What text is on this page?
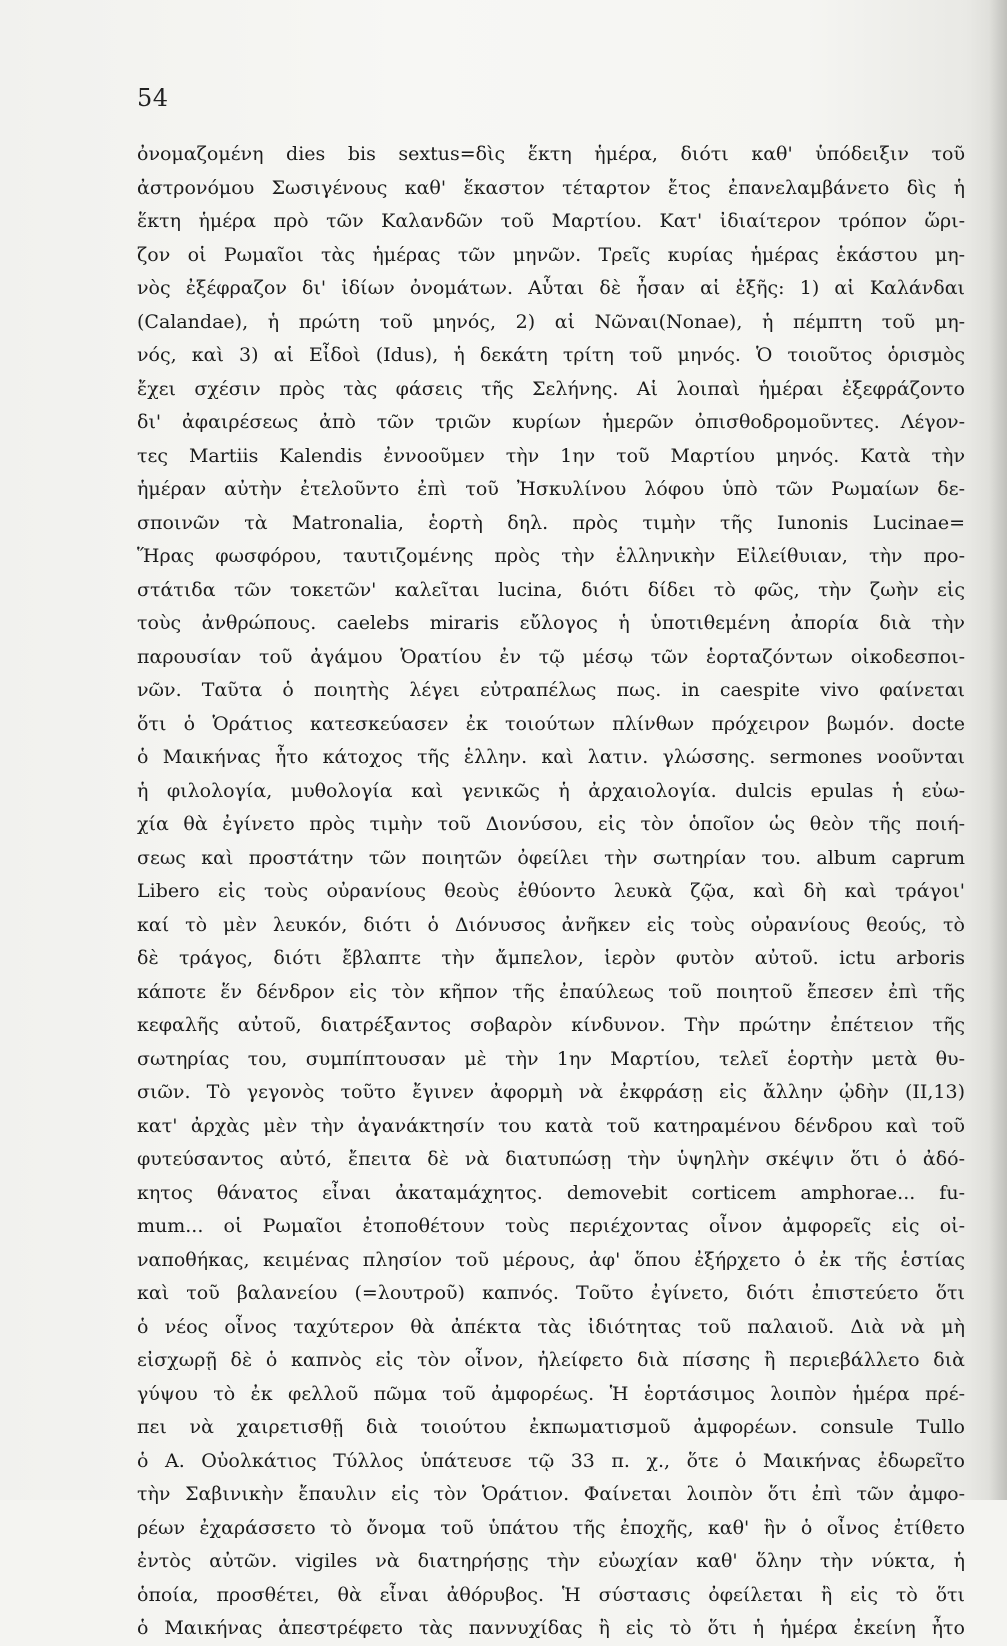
54
ὀνομαζομένη dies bis sextus=δὶς ἕκτη ἡμέρα, διότι καθ' ὑπόδειξιν τοῦ
ἀστρονόμου Σωσιγένους καθ' ἕκαστον τέταρτον ἔτος ἐπανελαμβάνετο δὶς ἡ
ἕκτη ἡμέρα πρὸ τῶν Καλανδῶν τοῦ Μαρτίου. Κατ' ἰδιαίτερον τρόπον ὥρι-
ζον οἱ Ρωμαῖοι τὰς ἡμέρας τῶν μηνῶν. Τρεῖς κυρίας ἡμέρας ἑκάστου μη-
νὸς ἐξέφραζον δι' ἰδίων ὀνομάτων. Αὗται δὲ ἦσαν αἱ ἑξῆς: 1) αἱ Καλάνδαι
(Calandae), ἡ πρώτη τοῦ μηνός, 2) αἱ Νῶναι(Nonae), ἡ πέμπτη τοῦ μη-
νός, καὶ 3) αἱ Εἶδοὶ (Idus), ἡ δεκάτη τρίτη τοῦ μηνός. Ὁ τοιοῦτος ὁρισμὸς
ἔχει σχέσιν πρὸς τὰς φάσεις τῆς Σελήνης. Αἱ λοιπαὶ ἡμέραι ἐξεφράζοντο
δι' ἀφαιρέσεως ἀπὸ τῶν τριῶν κυρίων ἡμερῶν ὀπισθοδρομοῦντες. Λέγον-
τες Martiis Kalendis ἐννοοῦμεν τὴν 1ην τοῦ Μαρτίου μηνός. Κατὰ τὴν
ἡμέραν αὐτὴν ἐτελοῦντο ἐπὶ τοῦ Ἠσκυλίνου λόφου ὑπὸ τῶν Ρωμαίων δε-
σποινῶν τὰ Matronalia, ἑορτὴ δηλ. πρὸς τιμὴν τῆς Iunonis Lucinae=
Ἥρας φωσφόρου, ταυτιζομένης πρὸς τὴν ἑλληνικὴν Εἰλείθυιαν, τὴν προ-
στάτιδα τῶν τοκετῶν' καλεῖται lucina, διότι δίδει τὸ φῶς, τὴν ζωὴν εἰς
τοὺς ἀνθρώπους. caelebs miraris εὔλογος ἡ ὑποτιθεμένη ἀπορία διὰ τὴν
παρουσίαν τοῦ ἀγάμου Ὁρατίου ἐν τῷ μέσῳ τῶν ἑορταζόντων οἰκοδεσποι-
νῶν. Ταῦτα ὁ ποιητὴς λέγει εὐτραπέλως πως. in caespite vivo φαίνεται
ὅτι ὁ Ὁράτιος κατεσκεύασεν ἐκ τοιούτων πλίνθων πρόχειρον βωμόν. docte
ὁ Μαικήνας ἦτο κάτοχος τῆς ἑλλην. καὶ λατιν. γλώσσης. sermones νοοῦνται
ἡ φιλολογία, μυθολογία καὶ γενικῶς ἡ ἀρχαιολογία. dulcis epulas ἡ εὐω-
χία θὰ ἐγίνετο πρὸς τιμὴν τοῦ Διονύσου, εἰς τὸν ὁποῖον ὡς θεὸν τῆς ποιή-
σεως καὶ προστάτην τῶν ποιητῶν ὀφείλει τὴν σωτηρίαν του. album caprum
Libero εἰς τοὺς οὐρανίους θεοὺς ἐθύοντο λευκὰ ζῷα, καὶ δὴ καὶ τράγοι'
καί τὸ μὲν λευκόν, διότι ὁ Διόνυσος ἀνῆκεν εἰς τοὺς οὐρανίους θεούς, τὸ
δὲ τράγος, διότι ἔβλαπτε τὴν ἄμπελον, ἱερὸν φυτὸν αὐτοῦ. ictu arboris
κάποτε ἕν δένδρον εἰς τὸν κῆπον τῆς ἐπαύλεως τοῦ ποιητοῦ ἔπεσεν ἐπὶ τῆς
κεφαλῆς αὐτοῦ, διατρέξαντος σοβαρὸν κίνδυνον. Τὴν πρώτην ἐπέτειον τῆς
σωτηρίας του, συμπίπτουσαν μὲ τὴν 1ην Μαρτίου, τελεῖ ἑορτὴν μετὰ θυ-
σιῶν. Τὸ γεγονὸς τοῦτο ἔγινεν ἀφορμὴ νὰ ἐκφράσῃ εἰς ἄλλην ᾠδὴν (ΙΙ,13)
κατ' ἀρχὰς μὲν τὴν ἀγανάκτησίν του κατὰ τοῦ κατηραμένου δένδρου καὶ τοῦ
φυτεύσαντος αὐτό, ἔπειτα δὲ νὰ διατυπώσῃ τὴν ὑψηλὴν σκέψιν ὅτι ὁ ἀδό-
κητος θάνατος εἶναι ἀκαταμάχητος. demovebit corticem amphorae... fu-
mum... οἱ Ρωμαῖοι ἐτοποθέτουν τοὺς περιέχοντας οἶνον ἀμφορεῖς εἰς οἰ-
ναποθήκας, κειμένας πλησίον τοῦ μέρους, ἀφ' ὅπου ἐξήρχετο ὁ ἐκ τῆς ἑστίας
καὶ τοῦ βαλανείου (=λουτροῦ) καπνός. Τοῦτο ἐγίνετο, διότι ἐπιστεύετο ὅτι
ὁ νέος οἶνος ταχύτερον θὰ ἀπέκτα τὰς ἰδιότητας τοῦ παλαιοῦ. Διὰ νὰ μὴ
εἰσχωρῇ δὲ ὁ καπνὸς εἰς τὸν οἶνον, ἠλείφετο διὰ πίσσης ἢ περιεβάλλετο διὰ
γύψου τὸ ἐκ φελλοῦ πῶμα τοῦ ἀμφορέως. Ἡ ἑορτάσιμος λοιπὸν ἡμέρα πρέ-
πει νὰ χαιρετισθῇ διὰ τοιούτου ἐκπωματισμοῦ ἀμφορέων. consule Tullo
ὁ Α. Οὐολκάτιος Τύλλος ὑπάτευσε τῷ 33 π. χ., ὅτε ὁ Μαικήνας ἐδωρεῖτο
τὴν Σαβινικὴν ἔπαυλιν εἰς τὸν Ὁράτιον. Φαίνεται λοιπὸν ὅτι ἐπὶ τῶν ἀμφο-
ρέων ἐχαράσσετο τὸ ὄνομα τοῦ ὑπάτου τῆς ἐποχῆς, καθ' ἣν ὁ οἶνος ἐτίθετο
ἐντὸς αὐτῶν. vigiles νὰ διατηρήσῃς τὴν εὐωχίαν καθ' ὅλην τὴν νύκτα, ἡ
ὁποία, προσθέτει, θὰ εἶναι ἀθόρυβος. Ἡ σύστασις ὀφείλεται ἢ εἰς τὸ ὅτι
ὁ Μαικήνας ἀπεστρέφετο τὰς παννυχίδας ἢ εἰς τὸ ὅτι ἡ ἡμέρα ἐκείνη ἦτο
